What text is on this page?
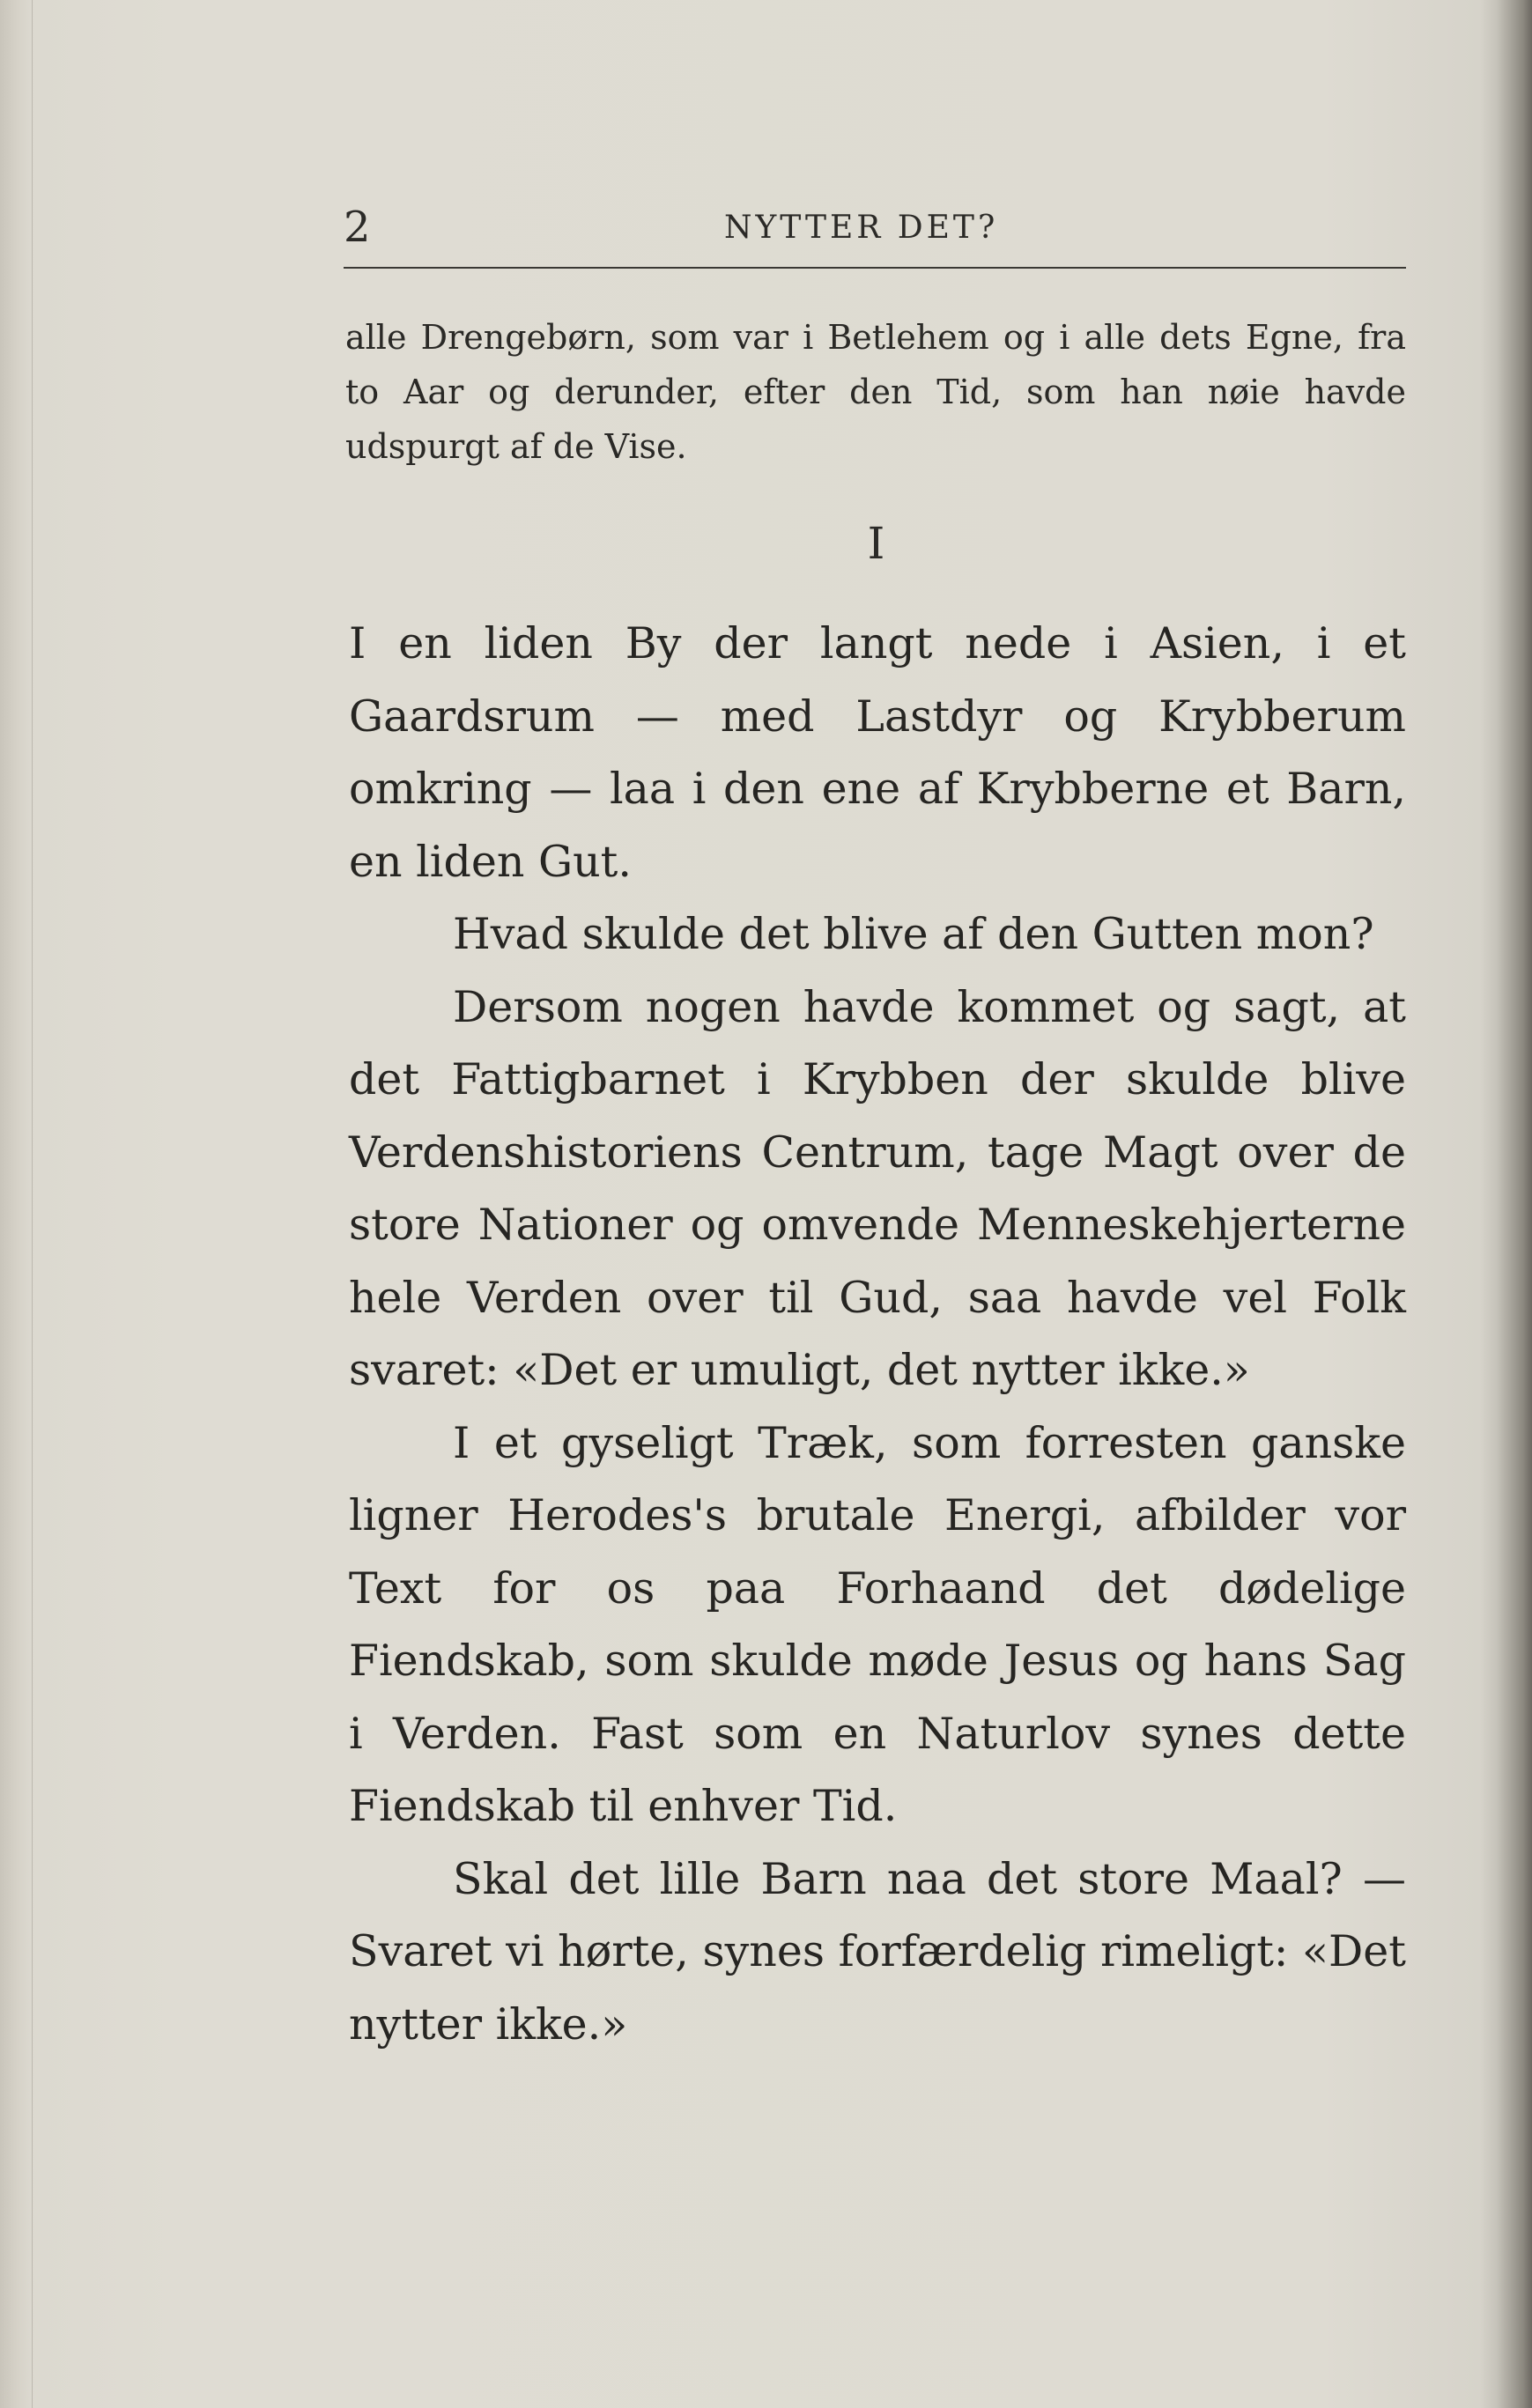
2	NYTTER DET?

alle Drengebørn, som var i Betlehem og i alle dets Egne, fra to Aar og derunder, efter den Tid, som han nøie havde udspurgt af de Vise.

I

I en liden By der langt nede i Asien, i et Gaardsrum — med Lastdyr og Krybberum omkring — laa i den ene af Krybberne et Barn, en liden Gut.

Hvad skulde det blive af den Gutten mon?

Dersom nogen havde kommet og sagt, at det Fattigbarnet i Krybben der skulde blive Verdenshistoriens Centrum, tage Magt over de store Nationer og omvende Menneskehjerterne hele Verden over til Gud, saa havde vel Folk svaret: «Det er umuligt, det nytter ikke.»

I et gyseligt Træk, som forresten ganske ligner Herodes's brutale Energi, afbilder vor Text for os paa Forhaand det dødelige Fiendskab, som skulde møde Jesus og hans Sag i Verden. Fast som en Naturlov synes dette Fiendskab til enhver Tid.

Skal det lille Barn naa det store Maal? — Svaret vi hørte, synes forfærdelig rimeligt: «Det nytter ikke.»
